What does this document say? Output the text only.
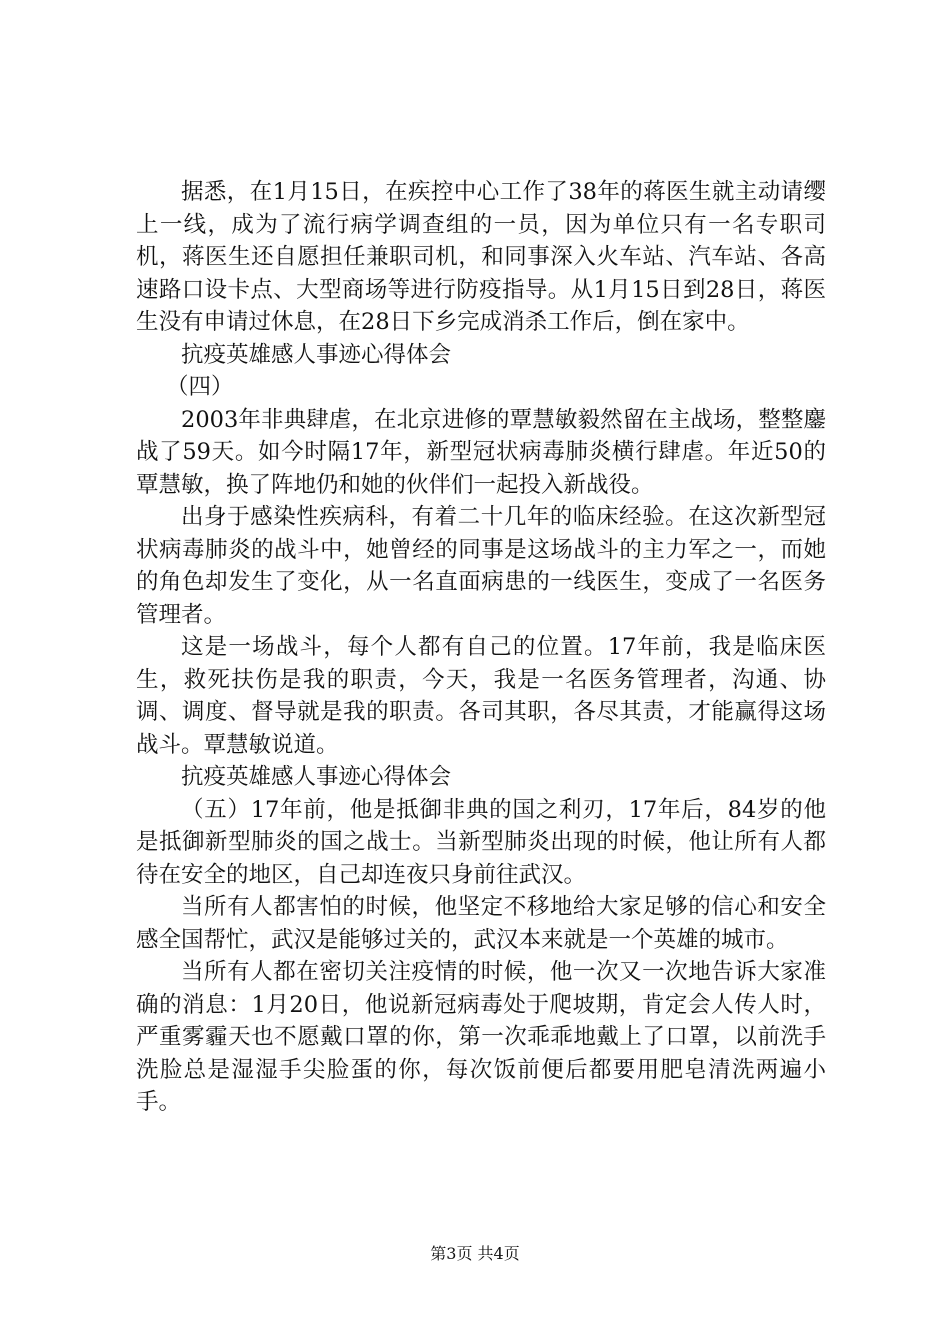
据悉，在1月15日，在疾控中心工作了38年的蒋医生就主动请缨上一线，成为了流行病学调查组的一员，因为单位只有一名专职司机，蒋医生还自愿担任兼职司机，和同事深入火车站、汽车站、各高速路口设卡点、大型商场等进行防疫指导。从1月15日到28日，蒋医生没有申请过休息，在28日下乡完成消杀工作后，倒在家中。

抗疫英雄感人事迹心得体会

（四）

2003年非典肆虐，在北京进修的覃慧敏毅然留在主战场，整整鏖战了59天。如今时隔17年，新型冠状病毒肺炎横行肆虐。年近50的覃慧敏，换了阵地仍和她的伙伴们一起投入新战役。

出身于感染性疾病科，有着二十几年的临床经验。在这次新型冠状病毒肺炎的战斗中，她曾经的同事是这场战斗的主力军之一，而她的角色却发生了变化，从一名直面病患的一线医生，变成了一名医务管理者。

这是一场战斗，每个人都有自己的位置。17年前，我是临床医生，救死扶伤是我的职责，今天，我是一名医务管理者，沟通、协调、调度、督导就是我的职责。各司其职，各尽其责，才能赢得这场战斗。覃慧敏说道。

抗疫英雄感人事迹心得体会

（五）17年前，他是抵御非典的国之利刃，17年后，84岁的他是抵御新型肺炎的国之战士。当新型肺炎出现的时候，他让所有人都待在安全的地区，自己却连夜只身前往武汉。

当所有人都害怕的时候，他坚定不移地给大家足够的信心和安全感全国帮忙，武汉是能够过关的，武汉本来就是一个英雄的城市。

当所有人都在密切关注疫情的时候，他一次又一次地告诉大家准确的消息：1月20日，他说新冠病毒处于爬坡期，肯定会人传人时，严重雾霾天也不愿戴口罩的你，第一次乖乖地戴上了口罩，以前洗手洗脸总是湿湿手尖脸蛋的你，每次饭前便后都要用肥皂清洗两遍小手。

第3页 共4页
